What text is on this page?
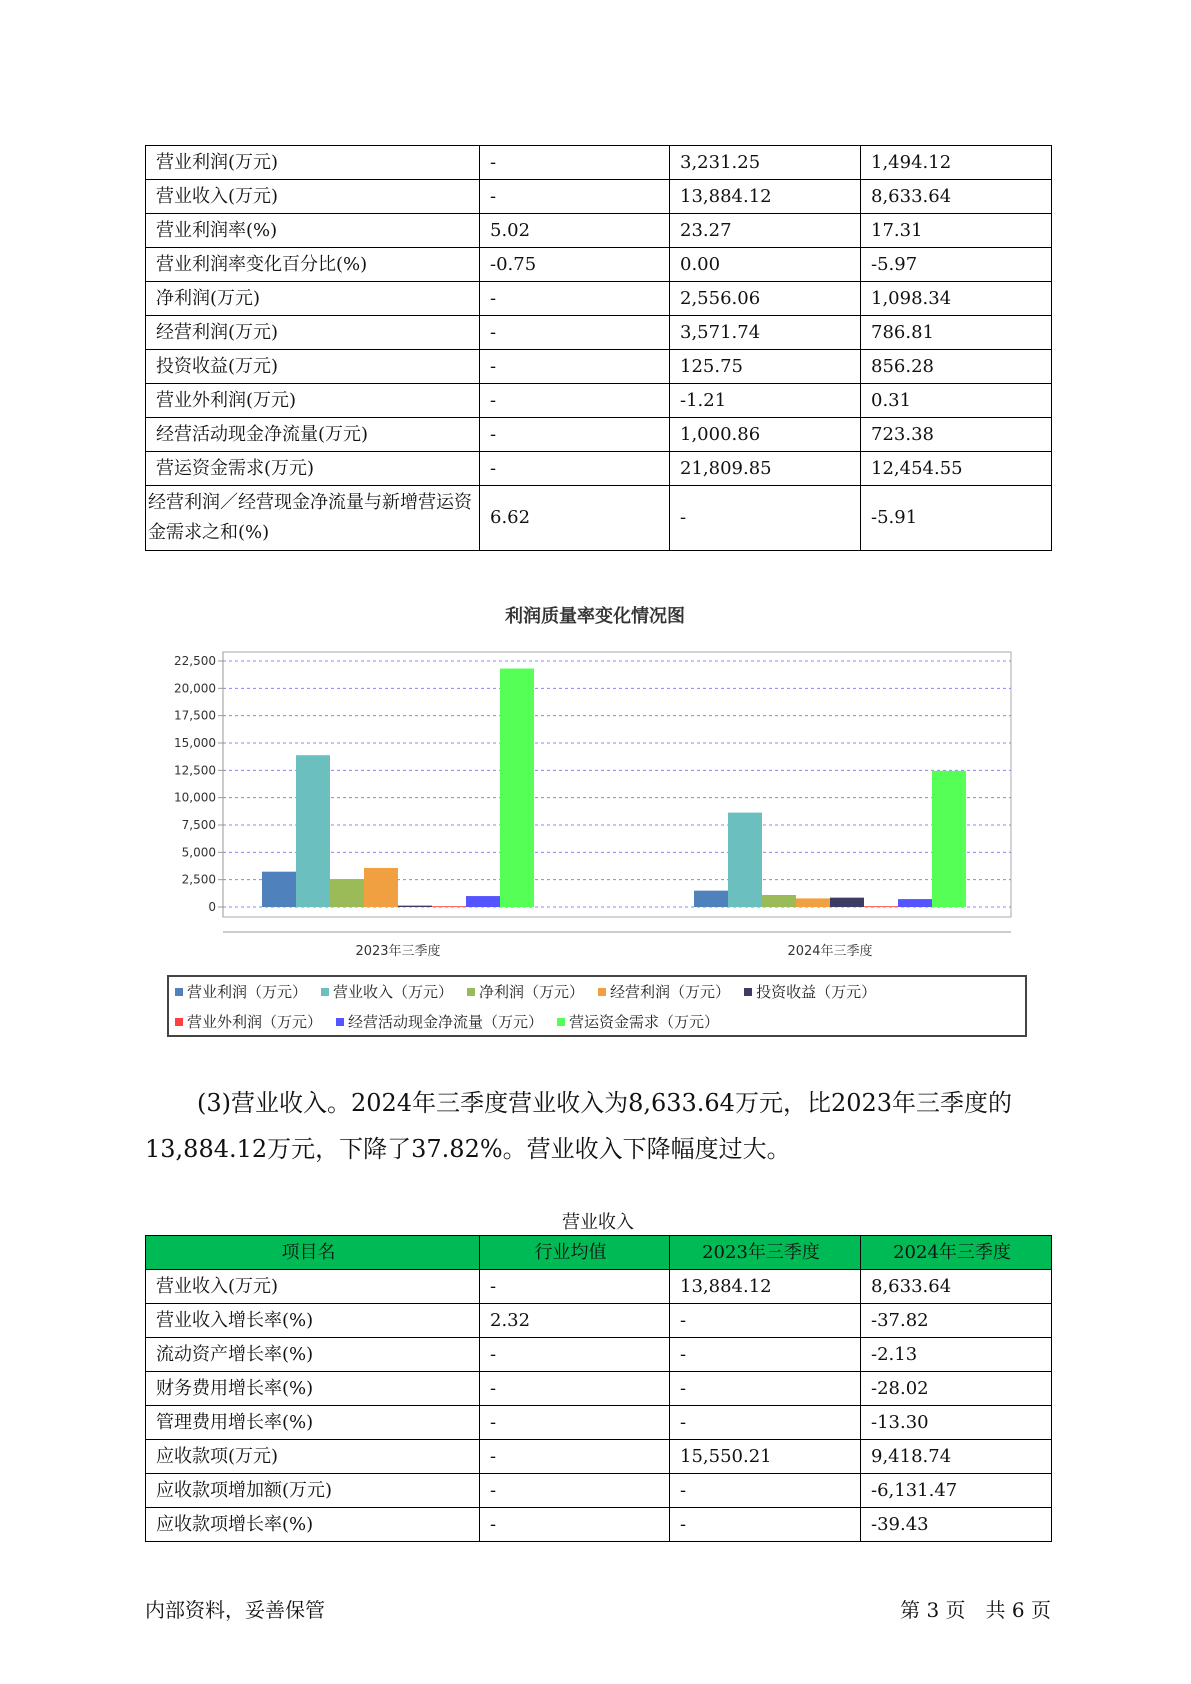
营业利润(万元)	-	3,231.25	1,494.12
营业收入(万元)	-	13,884.12	8,633.64
营业利润率(%)	5.02	23.27	17.31
营业利润率变化百分比(%)	-0.75	0.00	-5.97
净利润(万元)	-	2,556.06	1,098.34
经营利润(万元)	-	3,571.74	786.81
投资收益(万元)	-	125.75	856.28
营业外利润(万元)	-	-1.21	0.31
经营活动现金净流量(万元)	-	1,000.86	723.38
营运资金需求(万元)	-	21,809.85	12,454.55
经营利润／经营现金净流量与新增营运资金需求之和(%)	6.62	-	-5.91
利润质量率变化情况图
0
2,500
5,000
7,500
10,000
12,500
15,000
17,500
20,000
22,500
2023年三季度	2024年三季度
营业利润（万元） 营业收入（万元） 净利润（万元） 经营利润（万元） 投资收益（万元）
营业外利润（万元） 经营活动现金净流量（万元） 营运资金需求（万元）

(3)营业收入。2024年三季度营业收入为8,633.64万元，比2023年三季度的13,884.12万元，下降了37.82%。营业收入下降幅度过大。

营业收入
项目名	行业均值	2023年三季度	2024年三季度
营业收入(万元)	-	13,884.12	8,633.64
营业收入增长率(%)	2.32	-	-37.82
流动资产增长率(%)	-	-	-2.13
财务费用增长率(%)	-	-	-28.02
管理费用增长率(%)	-	-	-13.30
应收款项(万元)	-	15,550.21	9,418.74
应收款项增加额(万元)	-	-	-6,131.47
应收款项增长率(%)	-	-	-39.43
内部资料，妥善保管	第 3 页　共 6 页
